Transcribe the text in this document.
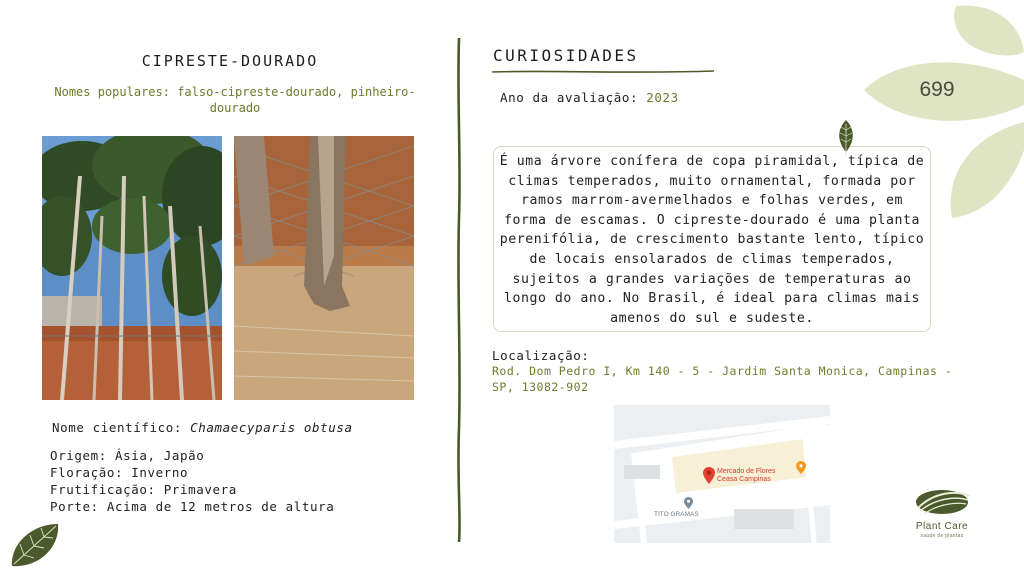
CIPRESTE-DOURADO
Nomes populares: falso-cipreste-dourado, pinheiro-dourado
Nome científico: Chamaecyparis obtusa
Origem: Ásia, Japão
Floração: Inverno
Frutificação: Primavera
Porte: Acima de 12 metros de altura
CURIOSIDADES
Ano da avaliação: 2023
É uma árvore conífera de copa piramidal, típica de climas temperados, muito ornamental, formada por ramos marrom-avermelhados e folhas verdes, em forma de escamas. O cipreste-dourado é uma planta perenifólia, de crescimento bastante lento, típico de locais ensolarados de climas temperados, sujeitos a grandes variações de temperaturas ao longo do ano. No Brasil, é ideal para climas mais amenos do sul e sudeste.
Localização:
Rod. Dom Pedro I, Km 140 - 5 - Jardim Santa Monica, Campinas - SP, 13082-902
Mercado de Flores
Ceasa Campinas
TITO GRAMAS
699
Plant Care
saúde de plantas
